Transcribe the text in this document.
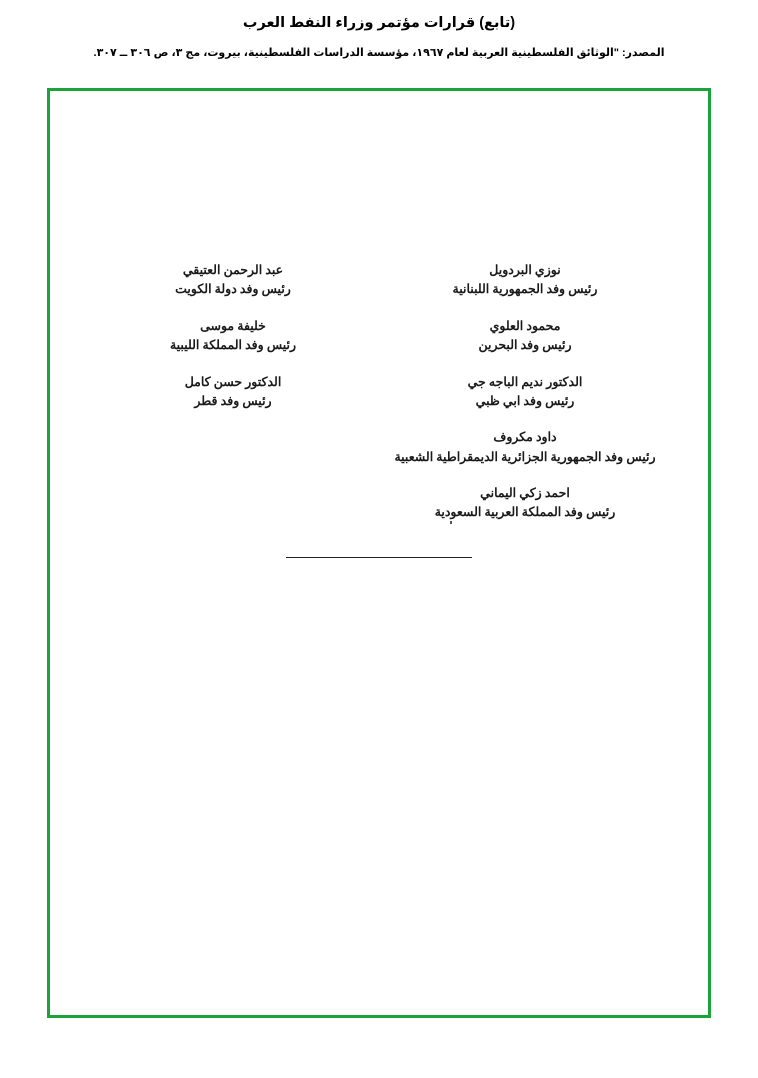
(تابع) قرارات مؤتمر وزراء النفط العرب
المصدر: "الوثائق الفلسطينية العربية لعام ١٩٦٧، مؤسسة الدراسات الفلسطينية، بيروت، مج ٣، ص ٣٠٦ ــ ٣٠٧.
نوزي البردويل
رئيس وفد الجمهورية اللبنانية
محمود العلوي
رئيس وفد البحرين
الدكتور نديم الباجه جي
رئيس وفد ابي ظبي
داود مكروف
رئيس وفد الجمهورية الجزائرية الديمقراطية الشعبية
احمد زكي اليماني
رئيس وفد المملكة العربية السعودية
عبد الرحمن العتيقي
رئيس وفد دولة الكويت
خليفة موسى
رئيس وفد المملكة الليبية
الدكتور حسن كامل
رئيس وفد قطر
